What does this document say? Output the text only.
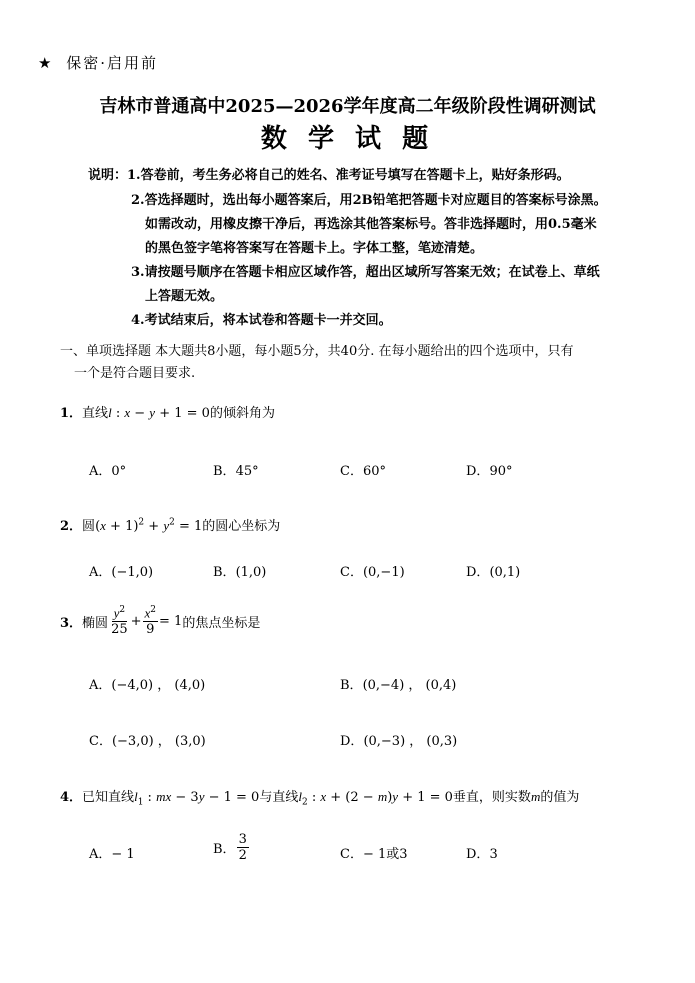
★ 保密·启用前
吉林市普通高中2025—2026学年度高二年级阶段性调研测试
数 学 试 题
说明：1.答卷前，考生务必将自己的姓名、准考证号填写在答题卡上，贴好条形码。
2.答选择题时，选出每小题答案后，用2B铅笔把答题卡对应题目的答案标号涂黑。
如需改动，用橡皮擦干净后，再选涂其他答案标号。答非选择题时，用0.5毫米
的黑色签字笔将答案写在答题卡上。字体工整，笔迹清楚。
3.请按题号顺序在答题卡相应区域作答，超出区域所写答案无效；在试卷上、草纸
上答题无效。
4.考试结束后，将本试卷和答题卡一并交回。
一、单项选择题 本大题共8小题，每小题5分，共40分. 在每小题给出的四个选项中，只有
一个是符合题目要求.
1．直线l : x − y + 1 = 0的倾斜角为
A．0°	B．45°	C．60°	D．90°
2．圆$(x + 1)^2 + y^2 = 1$的圆心坐标为
A．(−1,0)	B．(1,0)	C．(0,−1)	D．(0,1)
3． 椭圆 $\frac{y^2}{25} + \frac{x^2}{9} = 1$ 的焦点坐标是
A．(−4,0) ， (4,0)	B．(0,−4) ， (0,4)
C．(−3,0) ， (3,0)	D．(0,−3) ， (0,3)
4．已知直线$l_1$ : mx − 3y − 1 = 0与直线$l_2$ : x + (2 − m)y + 1 = 0垂直，则实数m的值为
A．− 1	B． $\frac{3}{2}$	C．− 1或3	D．3
